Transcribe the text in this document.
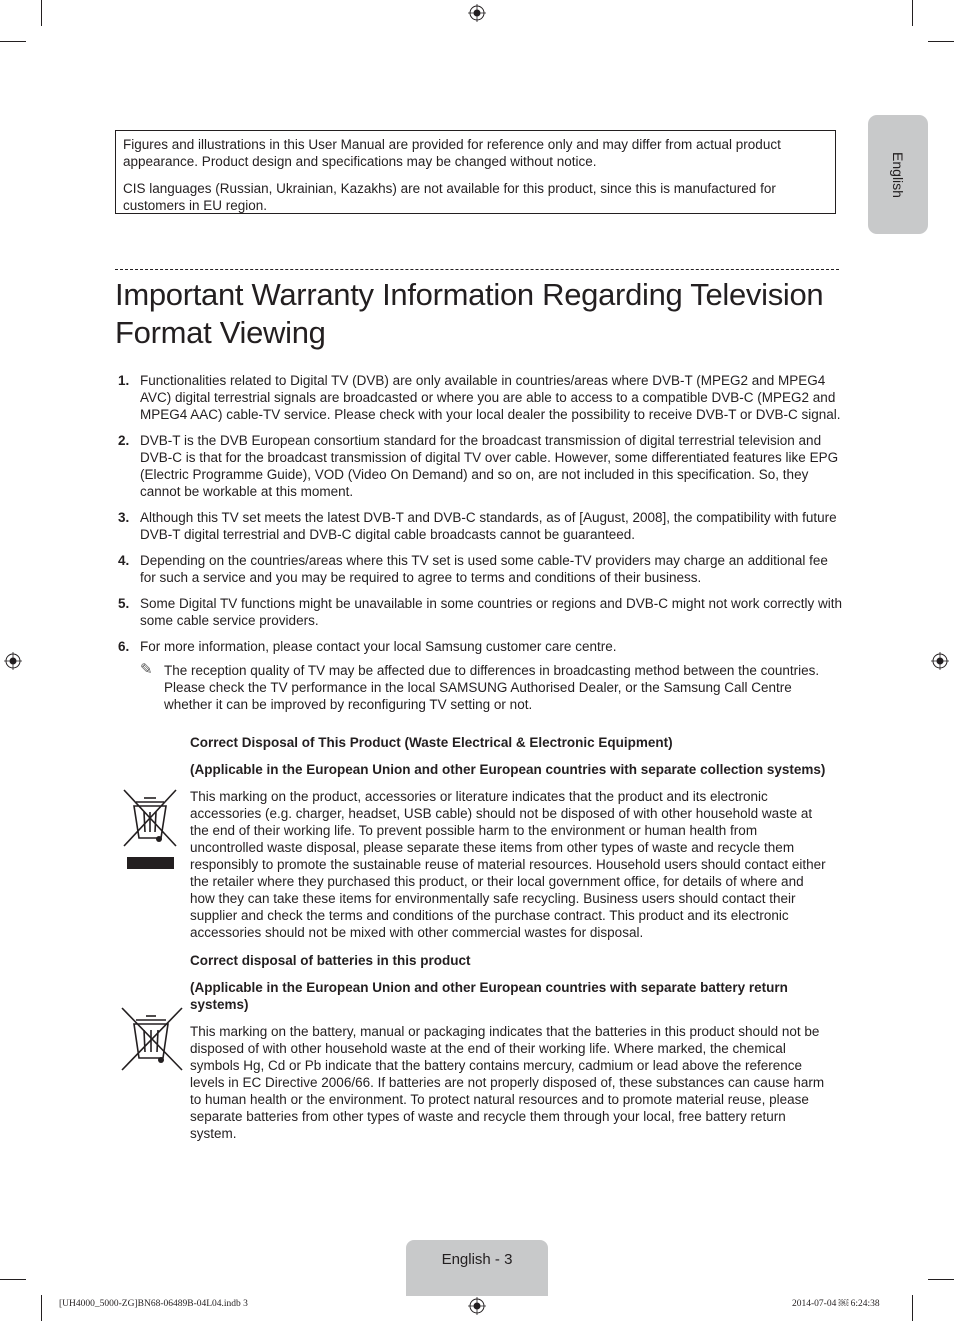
English

Figures and illustrations in this User Manual are provided for reference only and may differ from actual product appearance. Product design and specifications may be changed without notice.

CIS languages (Russian, Ukrainian, Kazakhs) are not available for this product, since this is manufactured for customers in EU region.

Important Warranty Information Regarding Television Format Viewing
1. Functionalities related to Digital TV (DVB) are only available in countries/areas where DVB-T (MPEG2 and MPEG4 AVC) digital terrestrial signals are broadcasted or where you are able to access to a compatible DVB-C (MPEG2 and MPEG4 AAC) cable-TV service. Please check with your local dealer the possibility to receive DVB-T or DVB-C signal.
2. DVB-T is the DVB European consortium standard for the broadcast transmission of digital terrestrial television and DVB-C is that for the broadcast transmission of digital TV over cable. However, some differentiated features like EPG (Electric Programme Guide), VOD (Video On Demand) and so on, are not included in this specification. So, they cannot be workable at this moment.
3. Although this TV set meets the latest DVB-T and DVB-C standards, as of [August, 2008], the compatibility with future DVB-T digital terrestrial and DVB-C digital cable broadcasts cannot be guaranteed.
4. Depending on the countries/areas where this TV set is used some cable-TV providers may charge an additional fee for such a service and you may be required to agree to terms and conditions of their business.
5. Some Digital TV functions might be unavailable in some countries or regions and DVB-C might not work correctly with some cable service providers.
6. For more information, please contact your local Samsung customer care centre.
✎ The reception quality of TV may be affected due to differences in broadcasting method between the countries. Please check the TV performance in the local SAMSUNG Authorised Dealer, or the Samsung Call Centre whether it can be improved by reconfiguring TV setting or not.

Correct Disposal of This Product (Waste Electrical & Electronic Equipment)

(Applicable in the European Union and other European countries with separate collection systems)

This marking on the product, accessories or literature indicates that the product and its electronic accessories (e.g. charger, headset, USB cable) should not be disposed of with other household waste at the end of their working life. To prevent possible harm to the environment or human health from uncontrolled waste disposal, please separate these items from other types of waste and recycle them responsibly to promote the sustainable reuse of material resources. Household users should contact either the retailer where they purchased this product, or their local government office, for details of where and how they can take these items for environmentally safe recycling. Business users should contact their supplier and check the terms and conditions of the purchase contract. This product and its electronic accessories should not be mixed with other commercial wastes for disposal.

Correct disposal of batteries in this product

(Applicable in the European Union and other European countries with separate battery return systems)

This marking on the battery, manual or packaging indicates that the batteries in this product should not be disposed of with other household waste at the end of their working life. Where marked, the chemical symbols Hg, Cd or Pb indicate that the battery contains mercury, cadmium or lead above the reference levels in EC Directive 2006/66. If batteries are not properly disposed of, these substances can cause harm to human health or the environment. To protect natural resources and to promote material reuse, please separate batteries from other types of waste and recycle them through your local, free battery return system.

English - 3
[UH4000_5000-ZG]BN68-06489B-04L04.indb 3	2014-07-04 ￼ 6:24:38
